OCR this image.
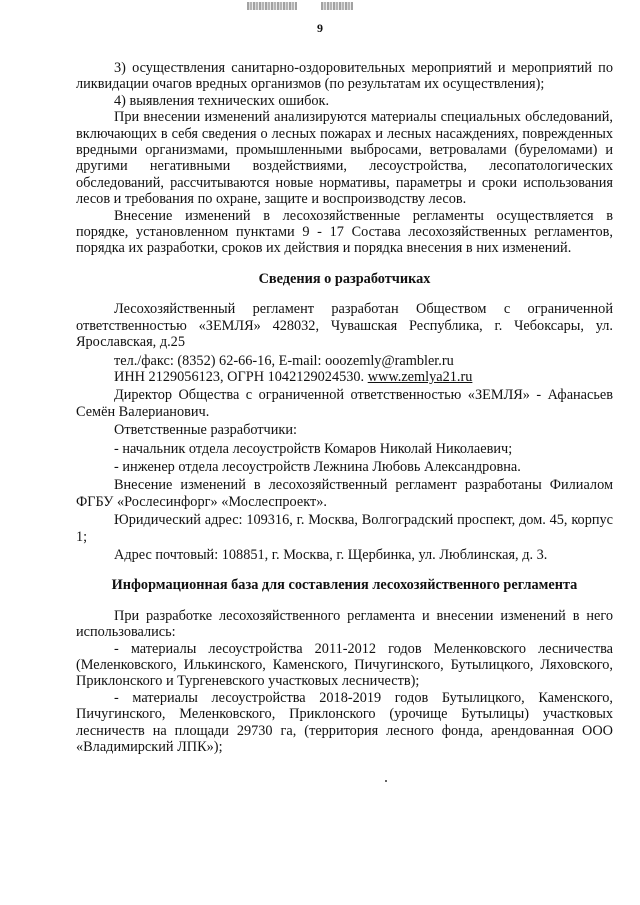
9

3) осуществления санитарно-оздоровительных мероприятий и мероприятий по ликвидации очагов вредных организмов (по результатам их осуществления);

4) выявления технических ошибок.

При внесении изменений анализируются материалы специальных обследований, включающих в себя сведения о лесных пожарах и лесных насаждениях, поврежденных вредными организмами, промышленными выбросами, ветровалами (буреломами) и другими негативными воздействиями, лесоустройства, лесопатологических обследований, рассчитываются новые нормативы, параметры и сроки использования лесов и требования по охране, защите и воспроизводству лесов.

Внесение изменений в лесохозяйственные регламенты осуществляется в порядке, установленном пунктами 9 - 17 Состава лесохозяйственных регламентов, порядка их разработки, сроков их действия и порядка внесения в них изменений.

Сведения о разработчиках

Лесохозяйственный регламент разработан Обществом с ограниченной ответственностью «ЗЕМЛЯ» 428032, Чувашская Республика, г. Чебоксары, ул. Ярославская, д.25

тел./факс: (8352) 62-66-16, E-mail: ooozemly@rambler.ru

ИНН 2129056123, ОГРН 1042129024530. www.zemlya21.ru

Директор Общества с ограниченной ответственностью «ЗЕМЛЯ» - Афанасьев Семён Валерианович.

Ответственные разработчики:

- начальник отдела лесоустройств Комаров Николай Николаевич;

- инженер отдела лесоустройств Лежнина Любовь Александровна.

Внесение изменений в лесохозяйственный регламент разработаны Филиалом ФГБУ «Рослесинфорг» «Мослеспроект».

Юридический адрес: 109316, г. Москва, Волгоградский проспект, дом. 45, корпус 1;

Адрес почтовый: 108851, г. Москва, г. Щербинка, ул. Люблинская, д. 3.

Информационная база для составления лесохозяйственного регламента

При разработке лесохозяйственного регламента и внесении изменений в него использовались:

- материалы лесоустройства 2011-2012 годов Меленковского лесничества (Меленковского, Илькинского, Каменского, Пичугинского, Бутылицкого, Ляховского, Приклонского и Тургеневского участковых лесничеств);

- материалы лесоустройства 2018-2019 годов Бутылицкого, Каменского, Пичугинского, Меленковского, Приклонского (урочище Бутылицы) участковых лесничеств на площади 29730 га, (территория лесного фонда, арендованная ООО «Владимирский ЛПК»);
